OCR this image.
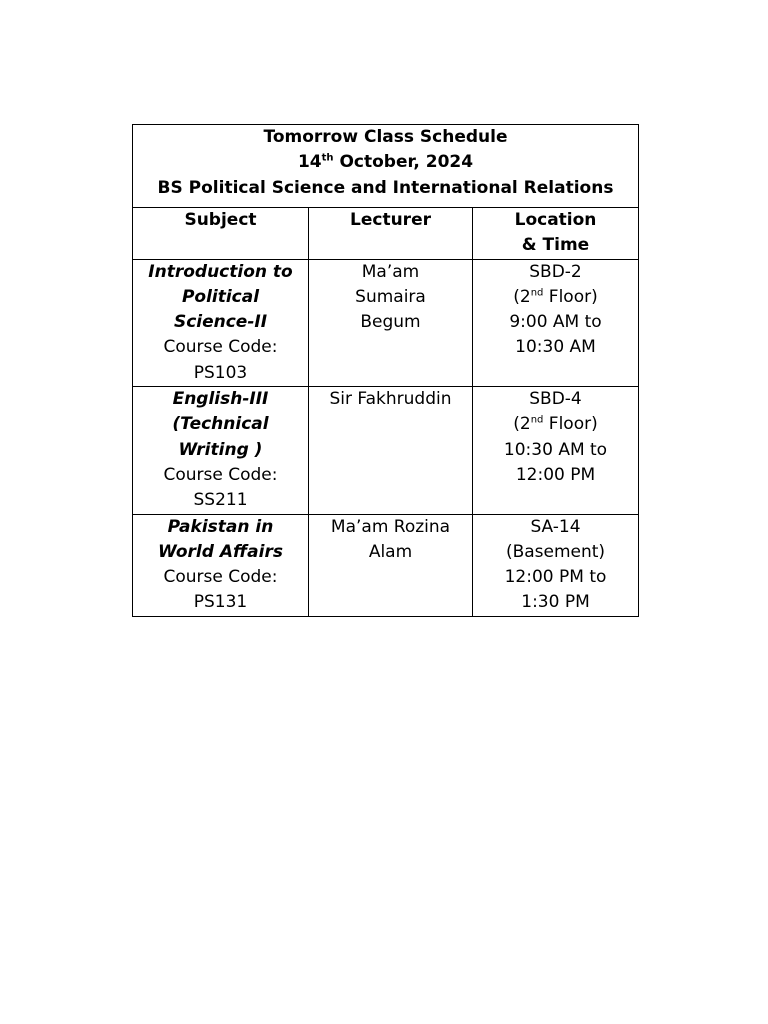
Tomorrow Class Schedule
14th October, 2024
BS Political Science and International Relations		

Subject	Lecturer	Location
& Time

Introduction to
Political
Science-II
Course Code:
PS103	Ma’am
Sumaira
Begum	SBD-2
(2nd Floor)
9:00 AM to
10:30 AM

English-III
(Technical
Writing )
Course Code:
SS211	Sir Fakhruddin	SBD-4
(2nd Floor)
10:30 AM to
12:00 PM

Pakistan in
World Affairs
Course Code:
PS131	Ma’am Rozina
Alam	SA-14
(Basement)
12:00 PM to
1:30 PM
